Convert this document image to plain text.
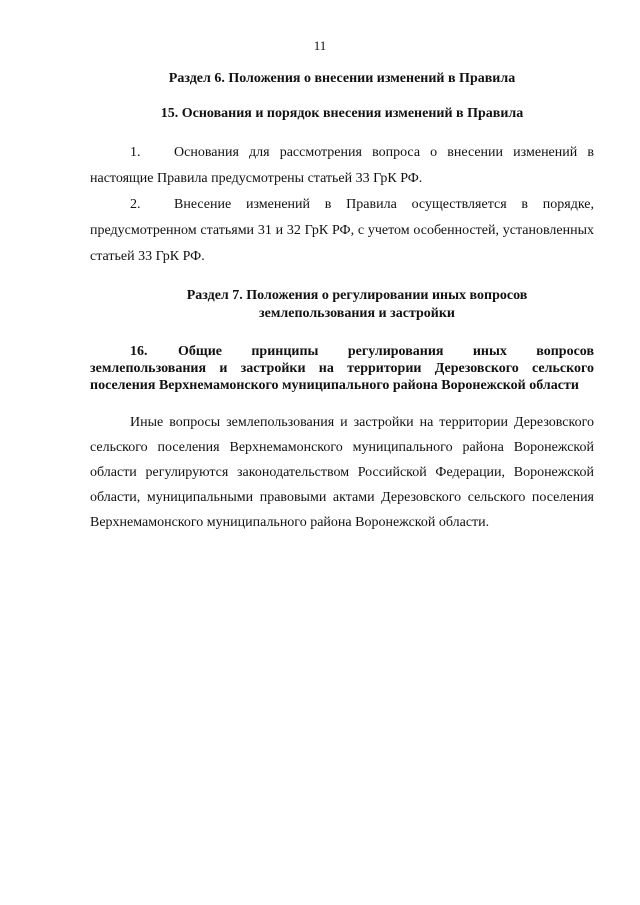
11
Раздел 6. Положения о внесении изменений в Правила
15. Основания и порядок внесения изменений в Правила

1. Основания для рассмотрения вопроса о внесении изменений в настоящие Правила предусмотрены статьей 33 ГрК РФ.

2. Внесение изменений в Правила осуществляется в порядке, предусмотренном статьями 31 и 32 ГрК РФ, с учетом особенностей, установленных статьей 33 ГрК РФ.

Раздел 7. Положения о регулировании иных вопросов землепользования и застройки
16. Общие принципы регулирования иных вопросов землепользования и застройки на территории Дерезовского сельского поселения Верхнемамонского муниципального района Воронежской области

Иные вопросы землепользования и застройки на территории Дерезовского сельского поселения Верхнемамонского муниципального района Воронежской области регулируются законодательством Российской Федерации, Воронежской области, муниципальными правовыми актами Дерезовского сельского поселения Верхнемамонского муниципального района Воронежской области.
